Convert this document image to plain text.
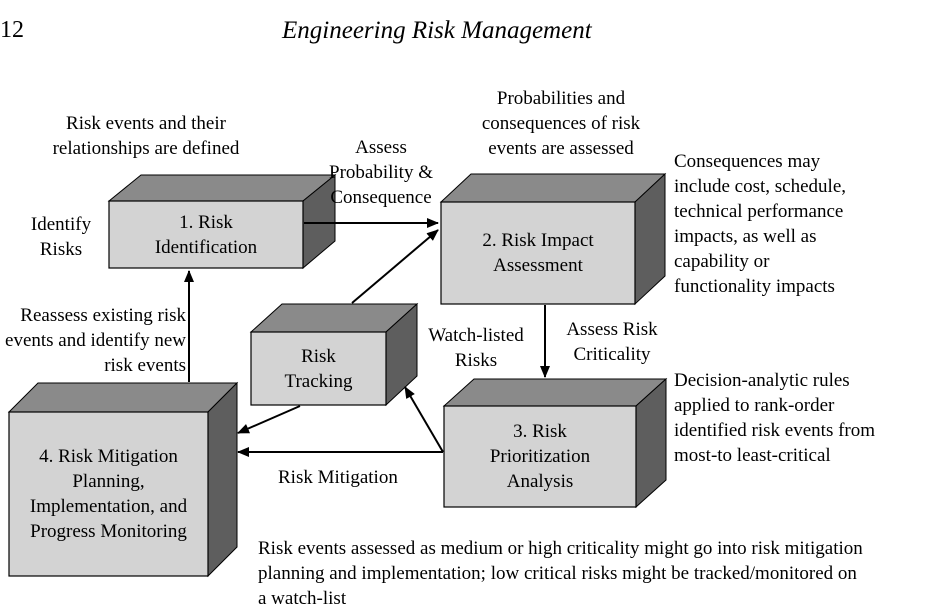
12	Engineering Risk Management
1. Risk Identification	2. Risk Impact Assessment
Risk Tracking
3. Risk Prioritization Analysis
4. Risk Mitigation Planning, Implementation, and Progress Monitoring
Risk events and their relationships are defined
Identify Risks
Assess Probability & Consequence
Probabilities and consequences of risk events are assessed
Consequences may include cost, schedule, technical performance impacts, as well as capability or functionality impacts
Reassess existing risk events and identify new risk events
Watch-listed Risks
Assess Risk Criticality
Decision-analytic rules applied to rank-order identified risk events from most-to least-critical
Risk Mitigation
Risk events assessed as medium or high criticality might go into risk mitigation planning and implementation; low critical risks might be tracked/monitored on a watch-list
